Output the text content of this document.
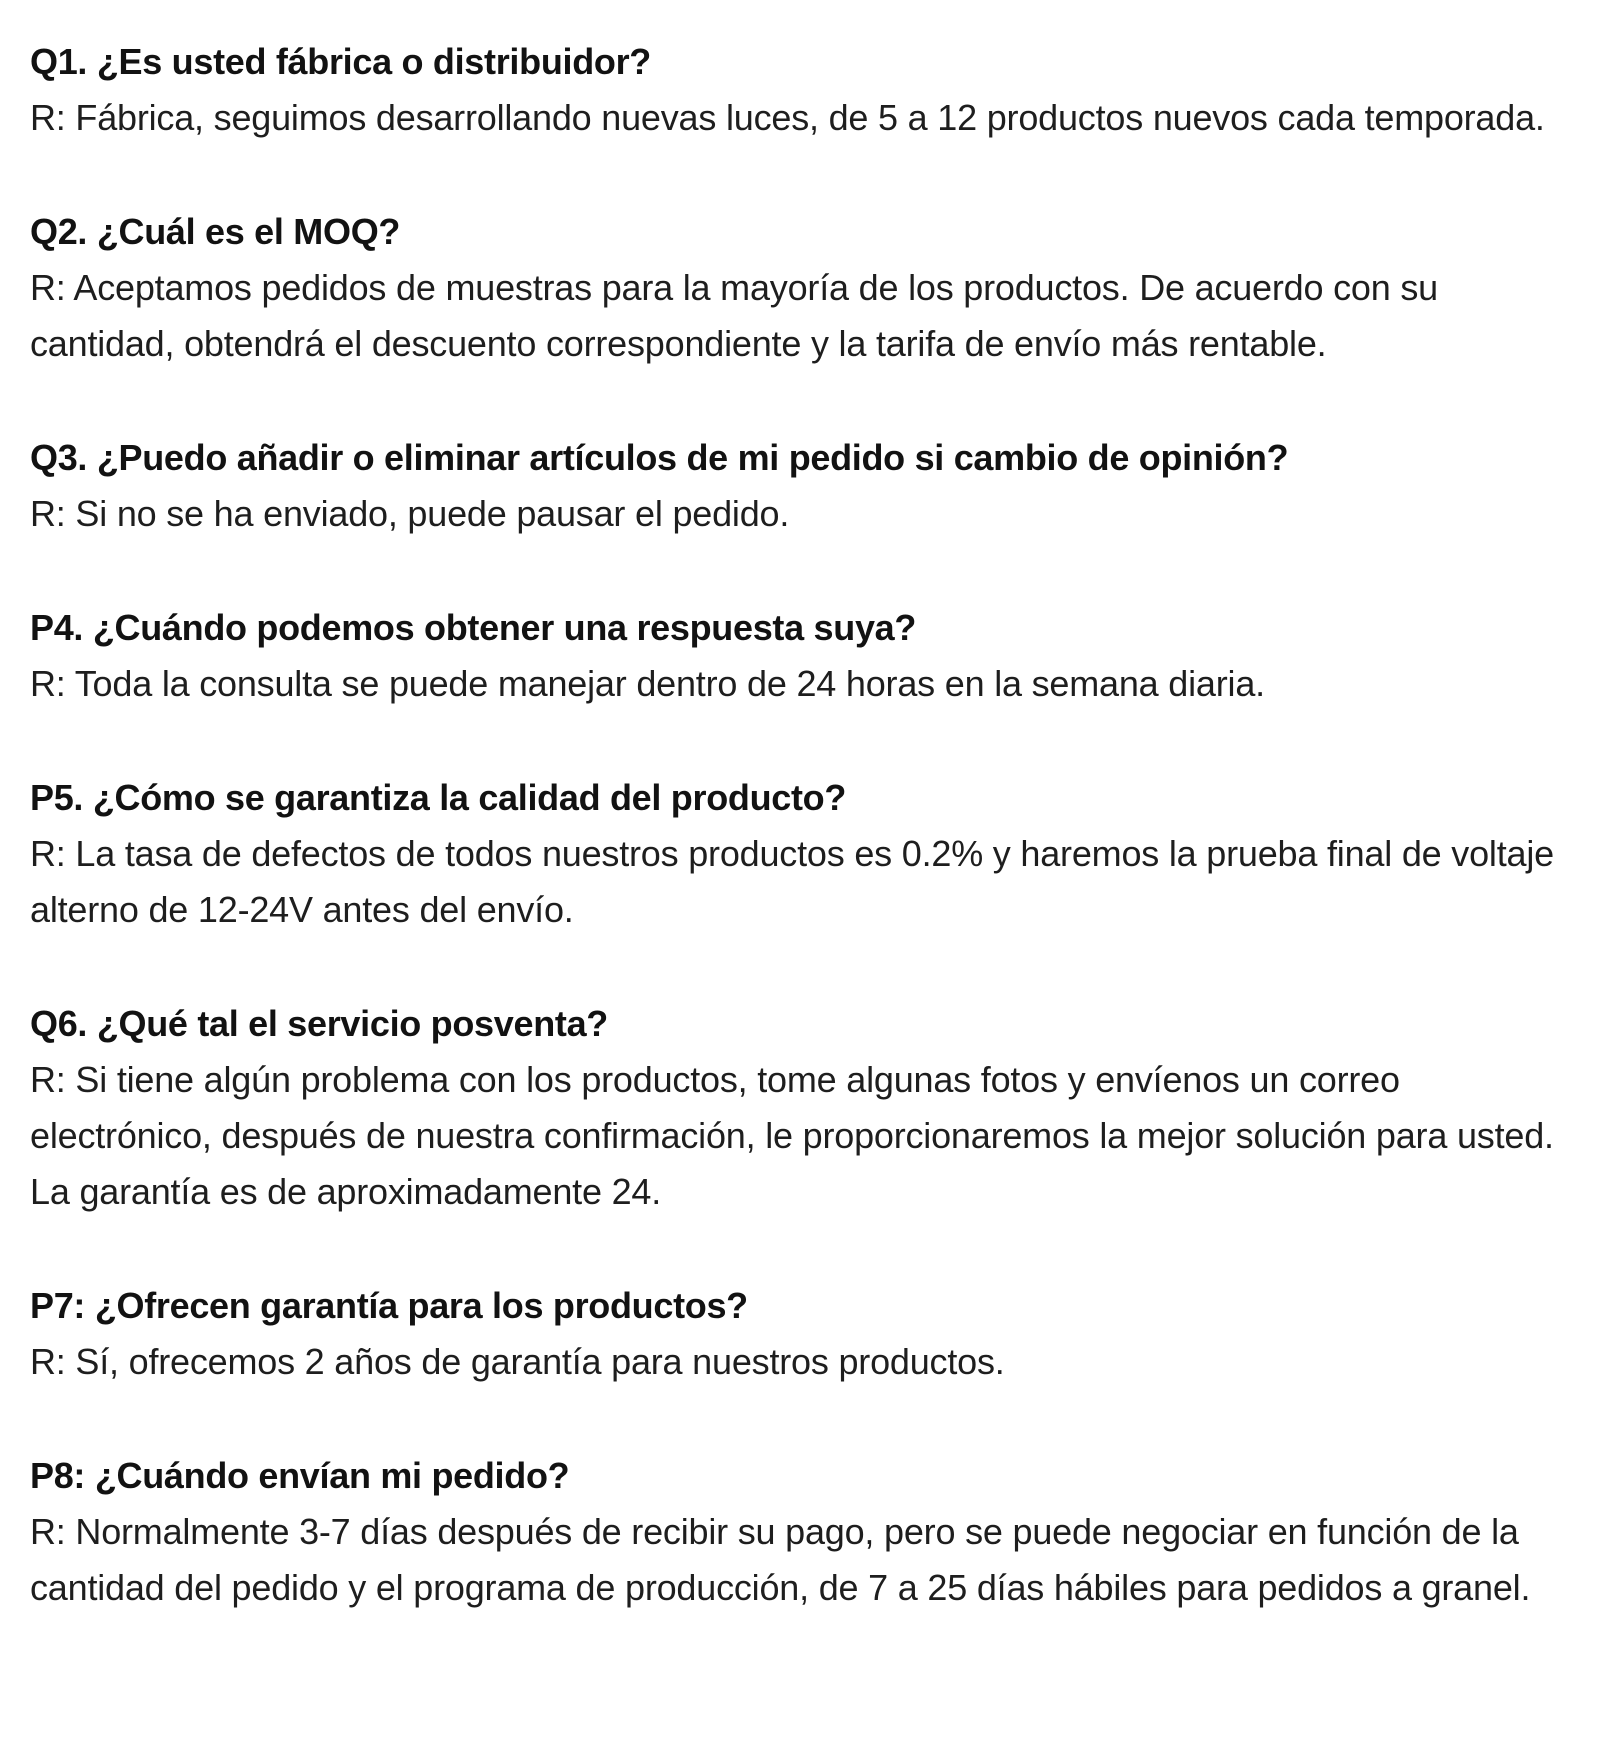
Q1. ¿Es usted fábrica o distribuidor?

R: Fábrica, seguimos desarrollando nuevas luces, de 5 a 12 productos nuevos cada temporada.

Q2. ¿Cuál es el MOQ?

R: Aceptamos pedidos de muestras para la mayoría de los productos. De acuerdo con su cantidad, obtendrá el descuento correspondiente y la tarifa de envío más rentable.

Q3. ¿Puedo añadir o eliminar artículos de mi pedido si cambio de opinión?

R: Si no se ha enviado, puede pausar el pedido.

P4. ¿Cuándo podemos obtener una respuesta suya?

R: Toda la consulta se puede manejar dentro de 24 horas en la semana diaria.

P5. ¿Cómo se garantiza la calidad del producto?

R: La tasa de defectos de todos nuestros productos es 0.2% y haremos la prueba final de voltaje alterno de 12-24V antes del envío.

Q6. ¿Qué tal el servicio posventa?

R: Si tiene algún problema con los productos, tome algunas fotos y envíenos un correo electrónico, después de nuestra confirmación, le proporcionaremos la mejor solución para usted. La garantía es de aproximadamente 24.

P7: ¿Ofrecen garantía para los productos?

R: Sí, ofrecemos 2 años de garantía para nuestros productos.

P8: ¿Cuándo envían mi pedido?

R: Normalmente 3-7 días después de recibir su pago, pero se puede negociar en función de la cantidad del pedido y el programa de producción, de 7 a 25 días hábiles para pedidos a granel.
